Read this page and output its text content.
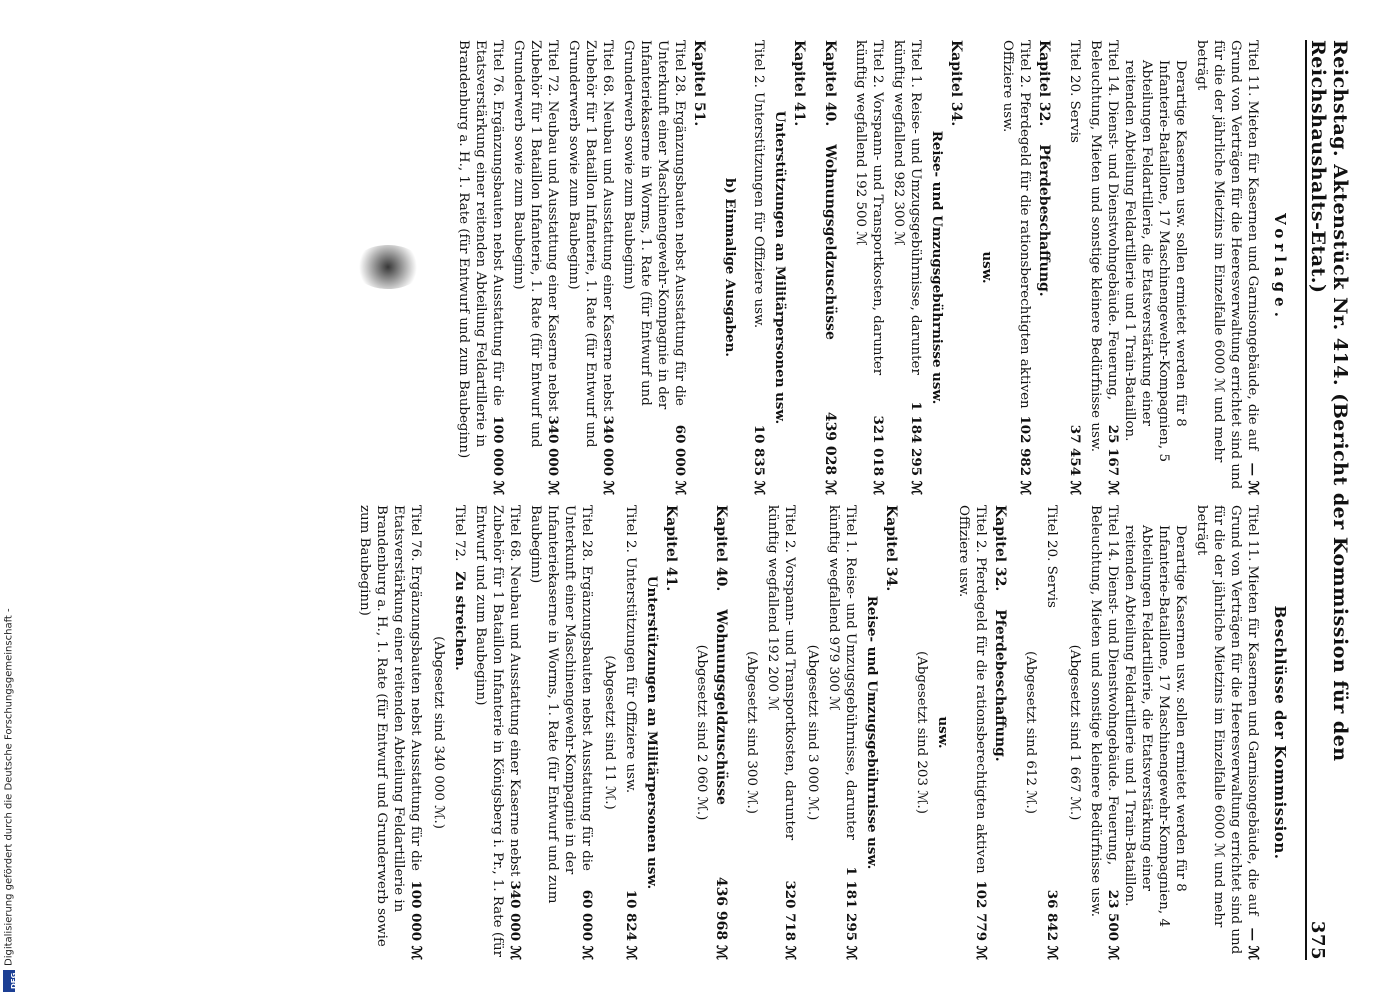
Reichstag. Aktenstück Nr. 414. (Bericht der Kommission für den Reichshaushalts-Etat.)
375
Vorlage.
— ℳ
Titel 11. Mieten für Kasernen und Garnisongebäude, die auf Grund von Verträgen für die Heeresverwaltung errichtet sind und für die der jährliche Mietzins im Einzelfalle 6000 ℳ und mehr beträgt
Derartige Kasernen usw. sollen ermietet werden für 8 Infanterie-Bataillone, 17 Maschinengewehr-Kompagnien, 5 Abteilungen Feldartillerie, die Etatsverstärkung einer reitenden Abteilung Feldartillerie und 1 Train-Bataillon.
25 167 ℳ
Titel 14. Dienst- und Dienstwohngebäude. Feuerung, Beleuchtung, Mieten und sonstige kleinere Bedürfnisse usw.
37 454 ℳ
Titel 20. Servis
Kapitel 32.Pferdebeschaffung.
102 982 ℳ
Titel 2. Pferdegeld für die rationsberechtigten aktiven Offiziere usw.
usw.
Kapitel 34.
Reise- und Umzugsgebührnisse usw.
1 184 295 ℳ
Titel 1. Reise- und Umzugsgebührnisse, darunter künftig wegfallend 982 300 ℳ
321 018 ℳ
Titel 2. Vorspann- und Transportkosten, darunter künftig wegfallend 192 500 ℳ
439 028 ℳ
Kapitel 40.Wohnungsgeldzuschüsse
Kapitel 41.
Unterstützungen an Militärpersonen usw.
10 835 ℳ
Titel 2. Unterstützungen für Offiziere usw.
b) Einmalige Ausgaben.
Kapitel 51.
60 000 ℳ
Titel 28. Ergänzungsbauten nebst Ausstattung für die Unterkunft einer Maschinengewehr-Kompagnie in der Infanteriekaserne in Worms, 1. Rate (für Entwurf und Grunderwerb sowie zum Baubeginn)
340 000 ℳ
Titel 68. Neubau und Ausstattung einer Kaserne nebst Zubehör für 1 Bataillon Infanterie, 1. Rate (für Entwurf und Grunderwerb sowie zum Baubeginn)
340 000 ℳ
Titel 72. Neubau und Ausstattung einer Kaserne nebst Zubehör für 1 Bataillon Infanterie, 1. Rate (für Entwurf und Grunderwerb sowie zum Baubeginn)
100 000 ℳ
Titel 76. Ergänzungsbauten nebst Ausstattung für die Etatsverstärkung einer reitenden Abteilung Feldartillerie in Brandenburg a. H., 1. Rate (für Entwurf und zum Baubeginn)
Beschlüsse der Kommission.
— ℳ
Titel 11. Mieten für Kasernen und Garnisongebäude, die auf Grund von Verträgen für die Heeresverwaltung errichtet sind und für die der jährliche Mietzins im Einzelfalle 6000 ℳ und mehr beträgt
Derartige Kasernen usw. sollen ermietet werden für 8 Infanterie-Bataillone, 17 Maschinengewehr-Kompagnien, 4 Abteilungen Feldartillerie, die Etatsverstärkung einer reitenden Abteilung Feldartillerie und 1 Train-Bataillon.
23 500 ℳ
Titel 14. Dienst- und Dienstwohngebäude. Feuerung, Beleuchtung, Mieten und sonstige kleinere Bedürfnisse usw.
(Abgesetzt sind 1 667 ℳ.)
36 842 ℳ
Titel 20. Servis
(Abgesetzt sind 612 ℳ.)
Kapitel 32.Pferdebeschaffung.
102 779 ℳ
Titel 2. Pferdegeld für die rationsberechtigten aktiven Offiziere usw.
usw.
(Abgesetzt sind 203 ℳ.)
Kapitel 34.
Reise- und Umzugsgebührnisse usw.
1 181 295 ℳ
Titel 1. Reise- und Umzugsgebührnisse, darunter künftig wegfallend 979 300 ℳ
(Abgesetzt sind 3 000 ℳ.)
320 718 ℳ
Titel 2. Vorspann- und Transportkosten, darunter künftig wegfallend 192 200 ℳ
(Abgesetzt sind 300 ℳ.)
436 968 ℳ
Kapitel 40.Wohnungsgeldzuschüsse
(Abgesetzt sind 2 060 ℳ.)
Kapitel 41.
Unterstützungen an Militärpersonen usw.
10 824 ℳ
Titel 2. Unterstützungen für Offiziere usw.
(Abgesetzt sind 11 ℳ.)
60 000 ℳ
Titel 28. Ergänzungsbauten nebst Ausstattung für die Unterkunft einer Maschinengewehr-Kompagnie in der Infanteriekaserne in Worms, 1. Rate (für Entwurf und zum Baubeginn)
340 000 ℳ
Titel 68. Neubau und Ausstattung einer Kaserne nebst Zubehör für 1 Bataillon Infanterie in Königsberg i. Pr., 1. Rate (für Entwurf und zum Baubeginn)
Titel 72.Zu streichen.
(Abgesetzt sind 340 000 ℳ.)
100 000 ℳ
Titel 76. Ergänzungsbauten nebst Ausstattung für die Etatsverstärkung einer reitenden Abteilung Feldartillerie in Brandenburg a. H., 1. Rate (für Entwurf und Grunderwerb sowie zum Baubeginn)
DFG
Digitalisierung gefördert durch die Deutsche Forschungsgemeinschaft -
